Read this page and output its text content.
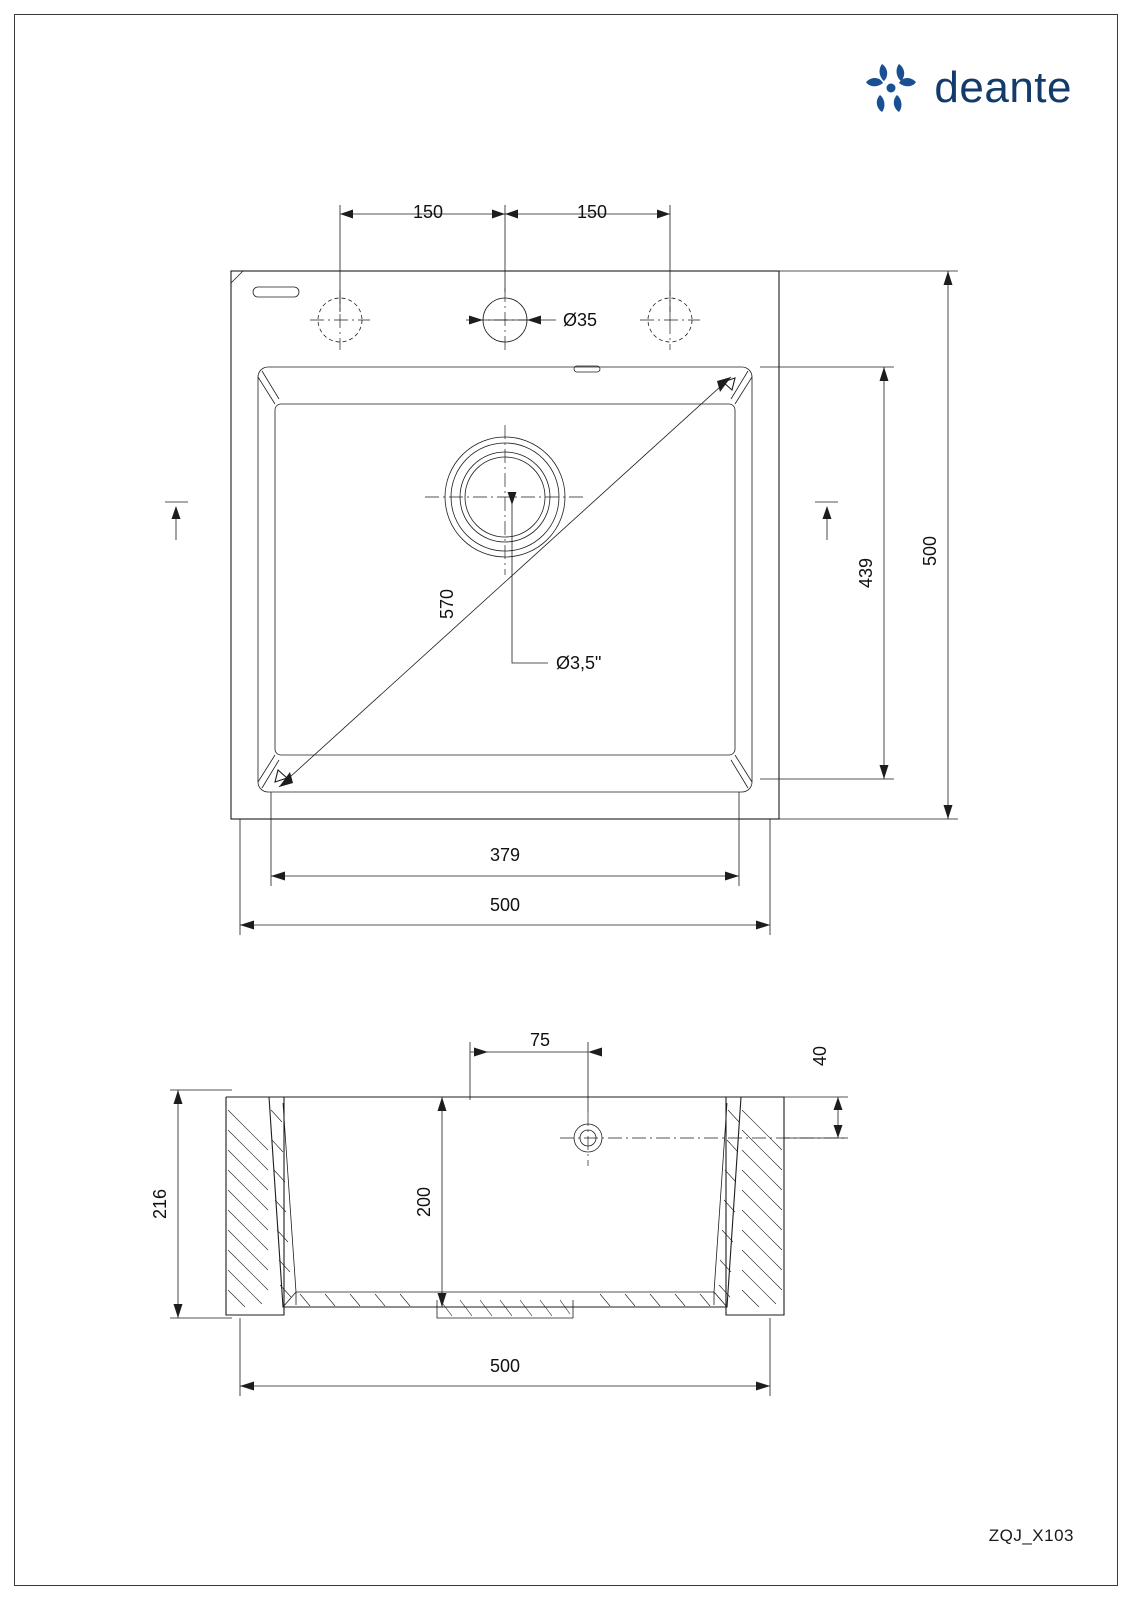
deante
150	150
Ø35
Ø3,5"
570
500
439
379
500
75
40
216	200
500
ZQJ_X103
